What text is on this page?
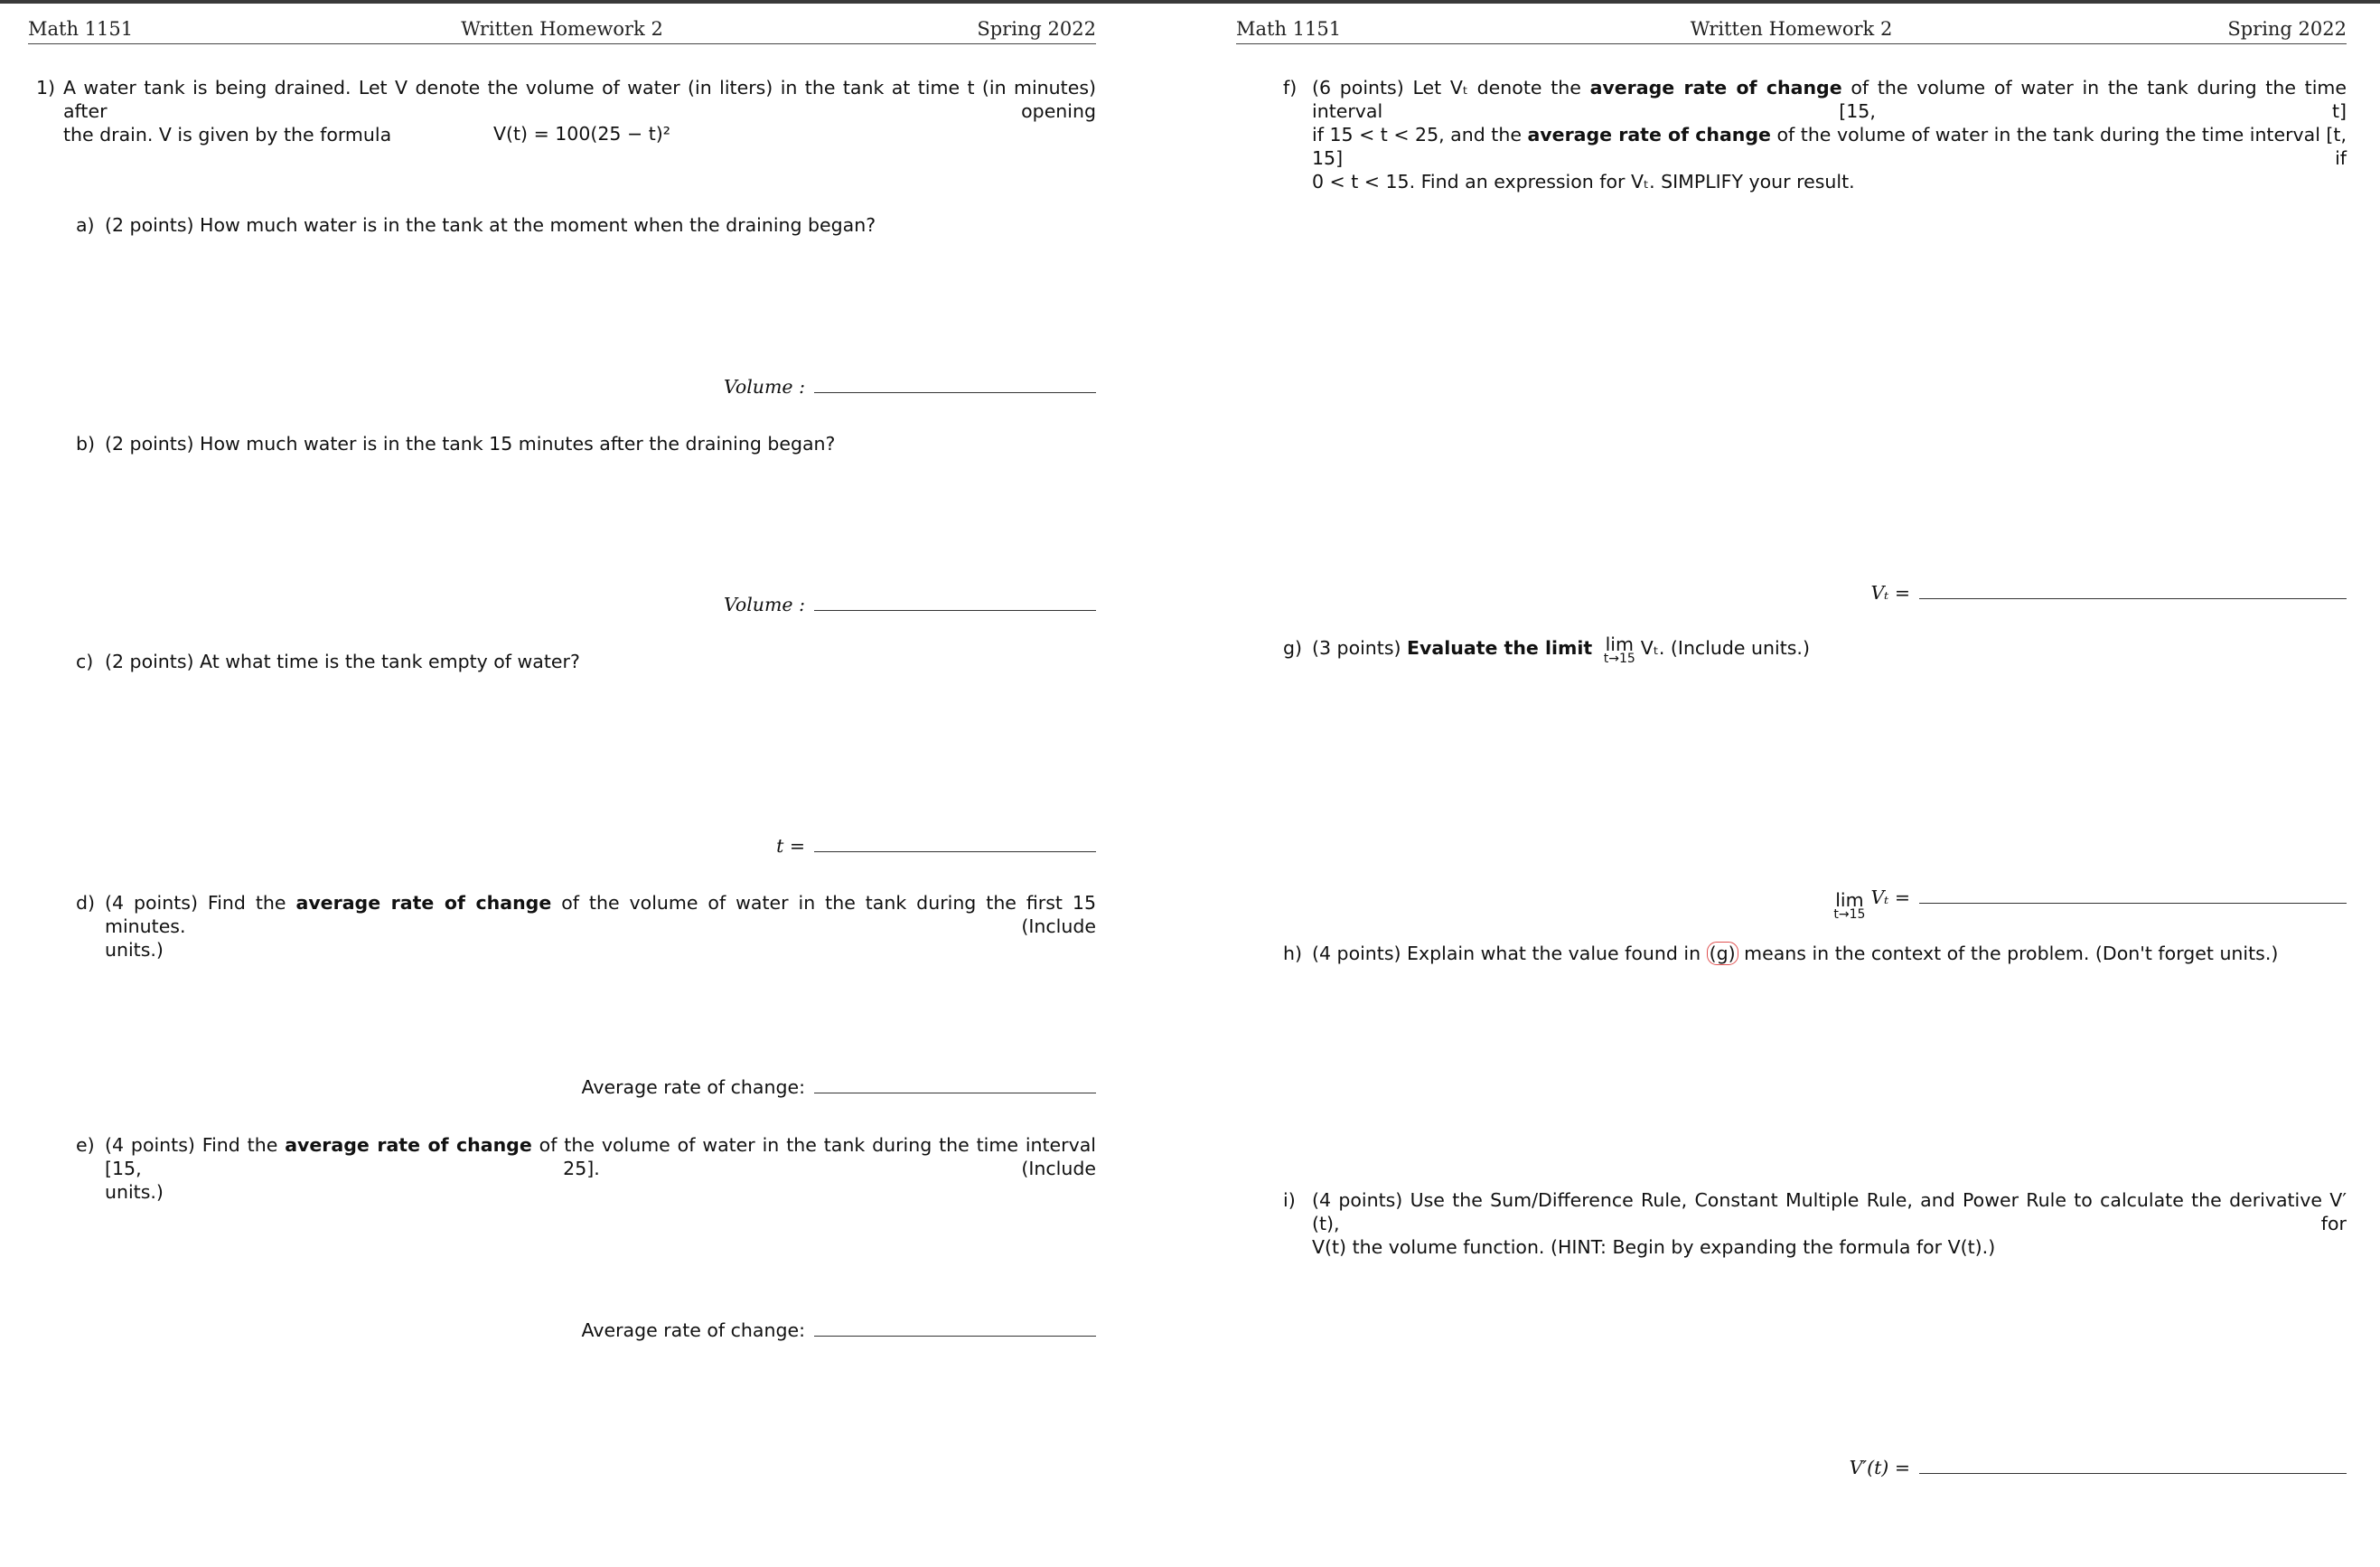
Math 1151	Written Homework 2	Spring 2022
1) A water tank is being drained. Let V denote the volume of water (in liters) in the tank at time t (in minutes) after opening
the drain. V is given by the formula	V(t) = 100(25 − t)²
a) (2 points) How much water is in the tank at the moment when the draining began?
Volume :
b) (2 points) How much water is in the tank 15 minutes after the draining began?
Volume :
c) (2 points) At what time is the tank empty of water?
t =
d) (4 points) Find the average rate of change of the volume of water in the tank during the first 15 minutes. (Include
units.)
Average rate of change:
e) (4 points) Find the average rate of change of the volume of water in the tank during the time interval [15, 25]. (Include
units.)
Average rate of change:
Math 1151	Written Homework 2	Spring 2022
f) (6 points) Let Vₜ denote the average rate of change of the volume of water in the tank during the time interval [15, t]
if 15 < t < 25, and the average rate of change of the volume of water in the tank during the time interval [t, 15] if
0 < t < 15. Find an expression for Vₜ. SIMPLIFY your result.
Vₜ =
g) (3 points) Evaluate the limit lim
t→15 Vₜ. (Include units.)
lim
t→15
Vₜ =
h) (4 points) Explain what the value found in (g) means in the context of the problem. (Don't forget units.)
i) (4 points) Use the Sum/Difference Rule, Constant Multiple Rule, and Power Rule to calculate the derivative V′(t), for
V(t) the volume function. (HINT: Begin by expanding the formula for V(t).)
V′(t) =
